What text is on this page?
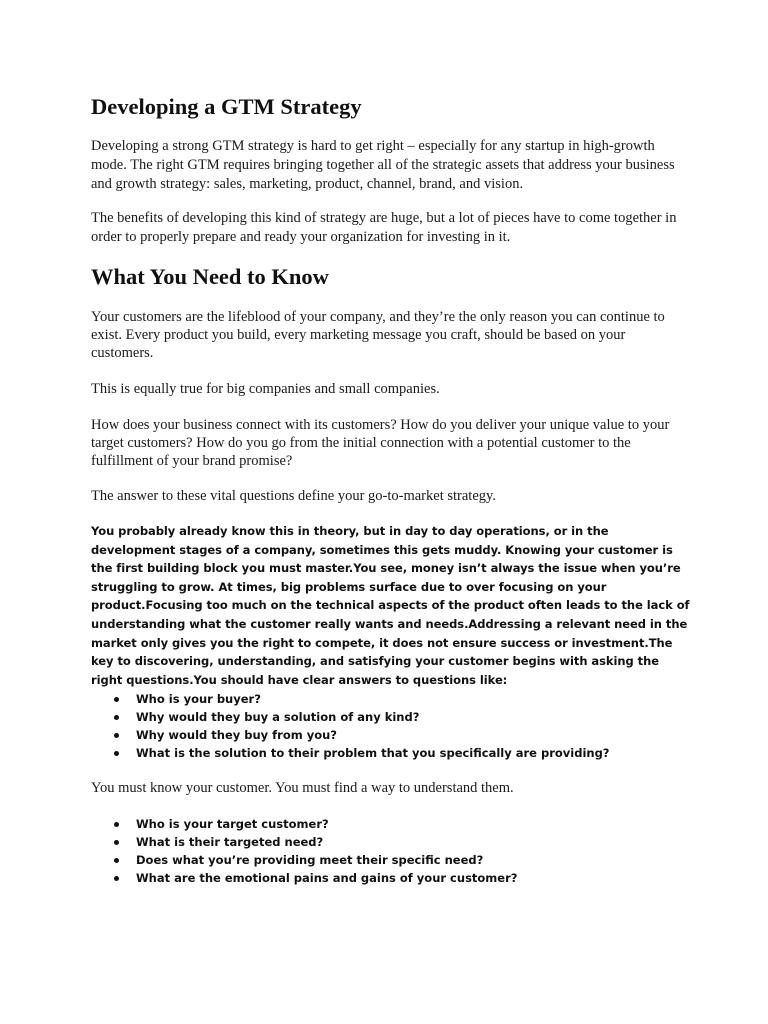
Developing a GTM Strategy

Developing a strong GTM strategy is hard to get right – especially for any startup in high-growth mode. The right GTM requires bringing together all of the strategic assets that address your business and growth strategy: sales, marketing, product, channel, brand, and vision.

The benefits of developing this kind of strategy are huge, but a lot of pieces have to come together in order to properly prepare and ready your organization for investing in it.

What You Need to Know

Your customers are the lifeblood of your company, and they’re the only reason you can continue to exist. Every product you build, every marketing message you craft, should be based on your customers.

This is equally true for big companies and small companies.

How does your business connect with its customers? How do you deliver your unique value to your target customers? How do you go from the initial connection with a potential customer to the fulfillment of your brand promise?

The answer to these vital questions define your go-to-market strategy.

You probably already know this in theory, but in day to day operations, or in the development stages of a company, sometimes this gets muddy. Knowing your customer is the first building block you must master.You see, money isn’t always the issue when you’re struggling to grow. At times, big problems surface due to over focusing on your product.Focusing too much on the technical aspects of the product often leads to the lack of understanding what the customer really wants and needs.Addressing a relevant need in the market only gives you the right to compete, it does not ensure success or investment.The key to discovering, understanding, and satisfying your customer begins with asking the right questions.You should have clear answers to questions like:

Who is your buyer?
Why would they buy a solution of any kind?
Why would they buy from you?
What is the solution to their problem that you specifically are providing?

You must know your customer. You must find a way to understand them.

Who is your target customer?
What is their targeted need?
Does what you’re providing meet their specific need?
What are the emotional pains and gains of your customer?
